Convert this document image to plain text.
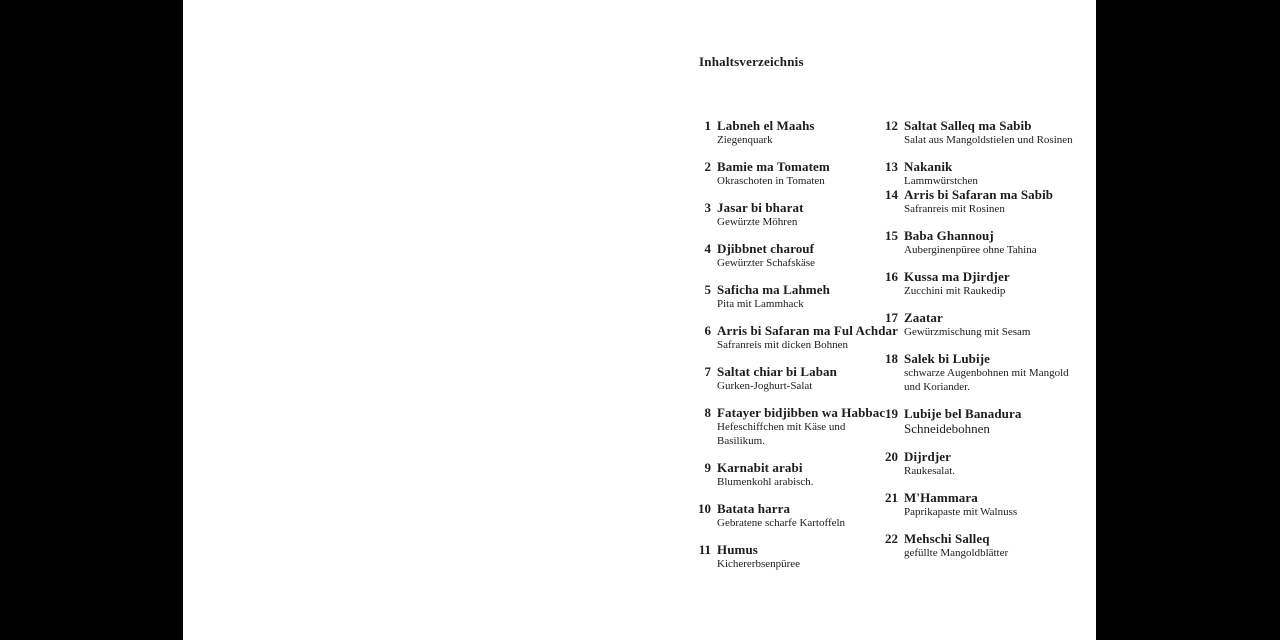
Inhaltsverzeichnis
1 Labneh el Maahs
Ziegenquark
2 Bamie ma Tomatem
Okraschoten in Tomaten
3 Jasar bi bharat
Gewürzte Möhren
4 Djibbnet charouf
Gewürzter Schafskäse
5 Saficha ma Lahmeh
Pita mit Lammhack
6 Arris bi Safaran ma Ful Achdar
Safranreis mit dicken Bohnen
7 Saltat chiar bi Laban
Gurken-Joghurt-Salat
8 Fatayer bidjibben wa Habbac
Hefeschiffchen mit Käse und
Basilikum.
9 Karnabit arabi
Blumenkohl arabisch.
10 Batata harra
Gebratene scharfe Kartoffeln
11 Humus
Kichererbsenpüree
12 Saltat Salleq ma Sabib
Salat aus Mangoldstielen und Rosinen
13 Nakanik
Lammwürstchen
14 Arris bi Safaran ma Sabib
Safranreis mit Rosinen
15 Baba Ghannouj
Auberginenpüree ohne Tahina
16 Kussa ma Djirdjer
Zucchini mit Raukedip
17 Zaatar
Gewürzmischung mit Sesam
18 Salek bi Lubije
schwarze Augenbohnen mit Mangold
und Koriander.
19 Lubije bel Banadura
Schneidebohnen
20 Dijrdjer
Raukesalat.
21 M'Hammara
Paprikapaste mit Walnuss
22 Mehschi Salleq
gefüllte Mangoldblätter
